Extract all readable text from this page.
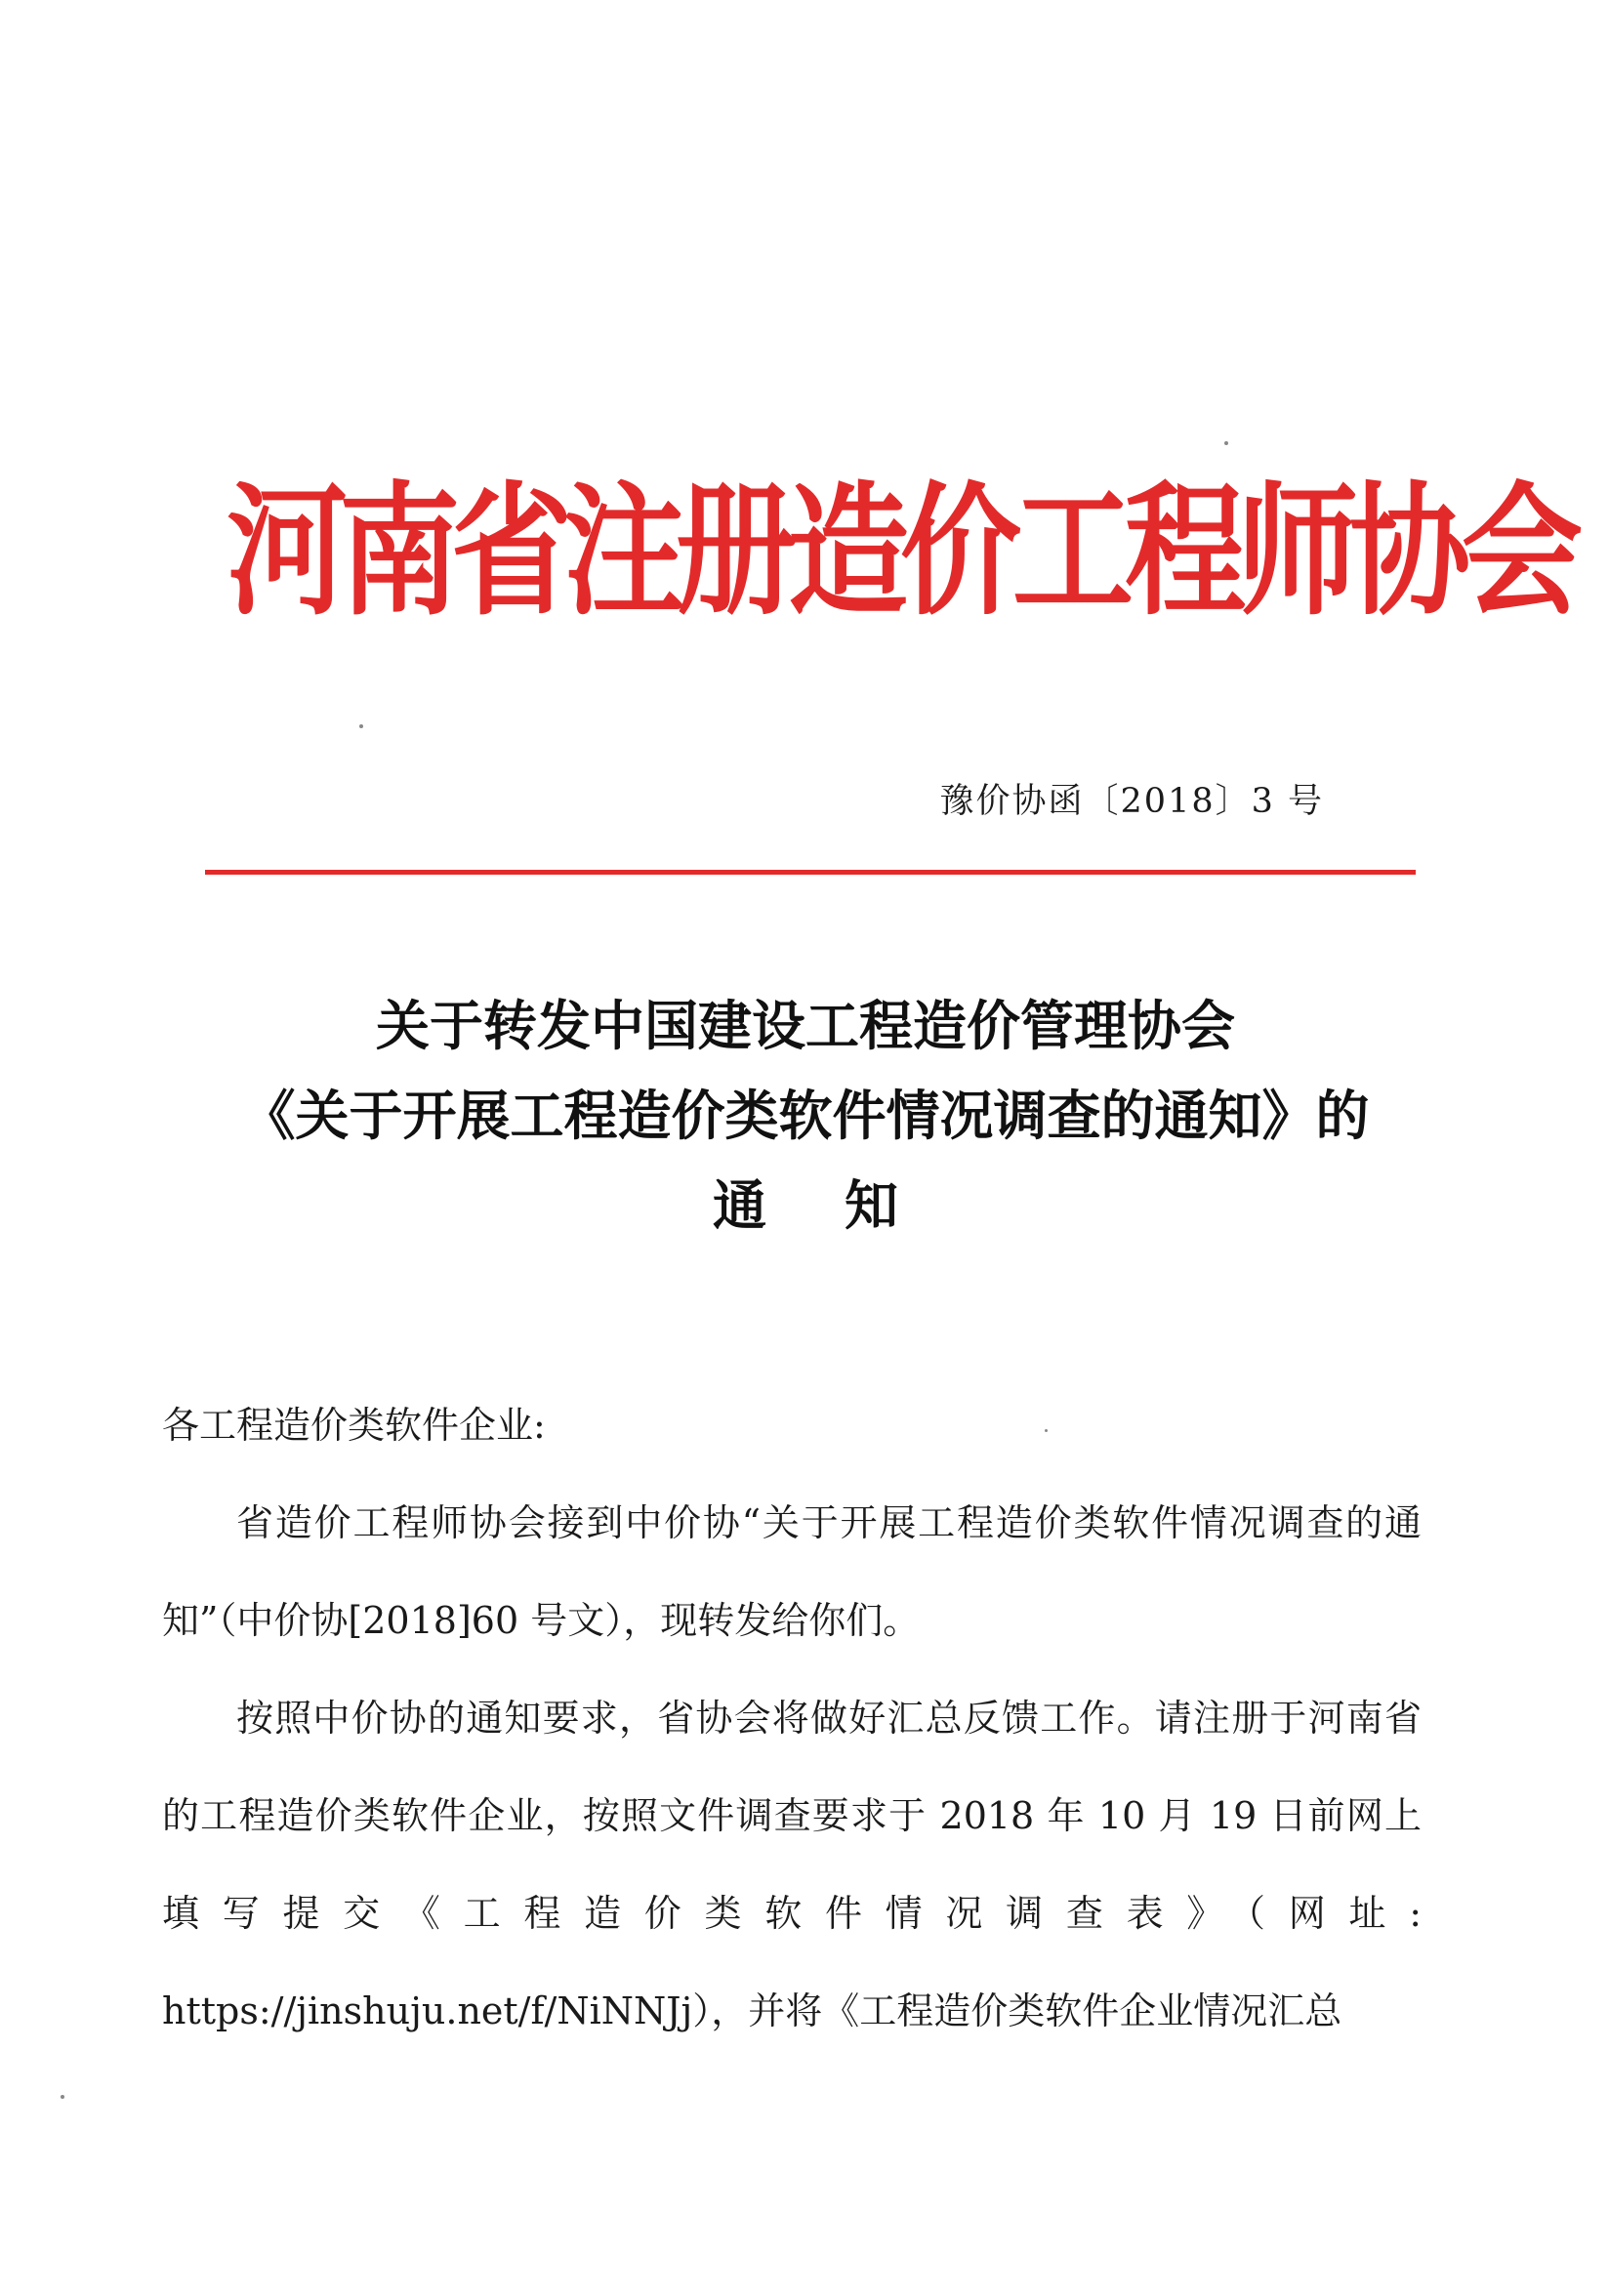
河南省注册造价工程师协会
豫价协函〔2018〕3 号
关于转发中国建设工程造价管理协会
《关于开展工程造价类软件情况调查的通知》的
通知

各工程造价类软件企业:

省造价工程师协会接到中价协“关于开展工程造价类软件情况调查的通知”（中价协[2018]60 号文），现转发给你们。

按照中价协的通知要求，省协会将做好汇总反馈工作。请注册于河南省的工程造价类软件企业，按照文件调查要求于 2018 年 10 月 19 日前网上填写提交《工程造价类软件情况调查表》（网址: https://jinshuju.net/f/NiNNJj），并将《工程造价类软件企业情况汇总
